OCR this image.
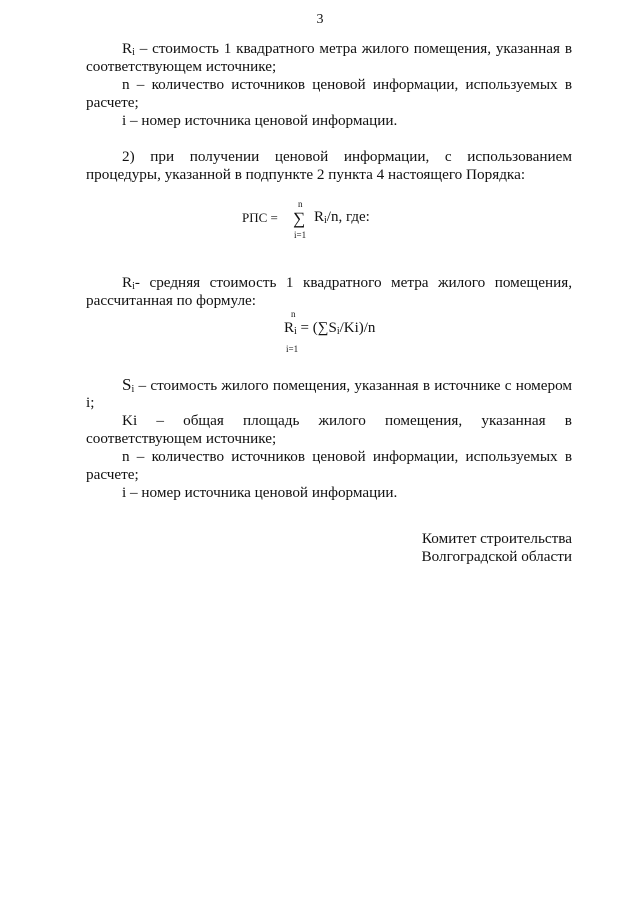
3
$R_i$ – стоимость 1 квадратного метра жилого помещения, указанная в
соответствующем источнике;
n – количество источников ценовой информации, используемых в
расчете;
i – номер источника ценовой информации.
2) при получении ценовой информации, с использованием
процедуры, указанной в подпункте 2 пункта 4 настоящего Порядка:
РПС =
n
∑
i=1
$R_i/n$, где:
$R_i-$ средняя стоимость 1 квадратного метра жилого помещения,
рассчитанная по формуле:
n
$R_i = (\sum S_i/Ki)/n$
i=1
$S_i$ – стоимость жилого помещения, указанная в источнике с номером
i;
Ki – общая площадь жилого помещения, указанная в
соответствующем источнике;
n – количество источников ценовой информации, используемых в
расчете;
i – номер источника ценовой информации.
Комитет строительства
Волгоградской области
